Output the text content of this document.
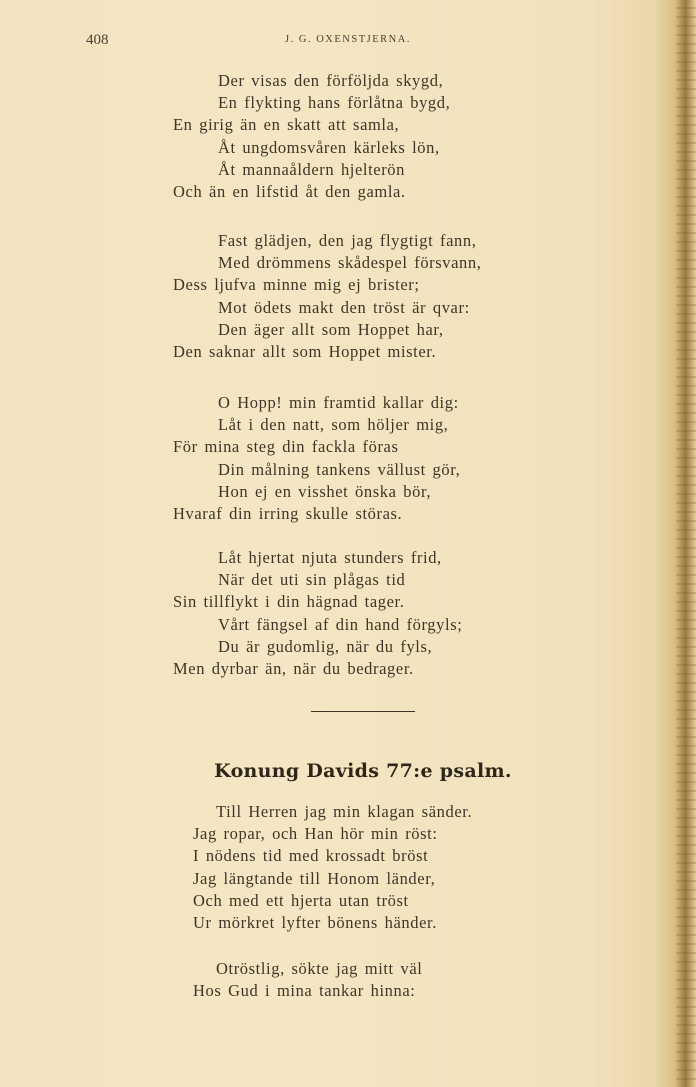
408	J. G. OXENSTJERNA.
Der visas den förföljda skygd,
En flykting hans förlåtna bygd,
En girig än en skatt att samla,
Åt ungdomsvåren kärleks lön,
Åt mannaåldern hjelterön
Och än en lifstid åt den gamla.
Fast glädjen, den jag flygtigt fann,
Med drömmens skådespel försvann,
Dess ljufva minne mig ej brister;
Mot ödets makt den tröst är qvar:
Den äger allt som Hoppet har,
Den saknar allt som Hoppet mister.
O Hopp! min framtid kallar dig:
Låt i den natt, som höljer mig,
För mina steg din fackla föras
Din målning tankens vällust gör,
Hon ej en visshet önska bör,
Hvaraf din irring skulle störas.
Låt hjertat njuta stunders frid,
När det uti sin plågas tid
Sin tillflykt i din hägnad tager.
Vårt fängsel af din hand förgyls;
Du är gudomlig, när du fyls,
Men dyrbar än, när du bedrager.
Konung Davids 77:e psalm.
Till Herren jag min klagan sänder.
Jag ropar, och Han hör min röst:
I nödens tid med krossadt bröst
Jag längtande till Honom länder,
Och med ett hjerta utan tröst
Ur mörkret lyfter bönens händer.
Otröstlig, sökte jag mitt väl
Hos Gud i mina tankar hinna:
